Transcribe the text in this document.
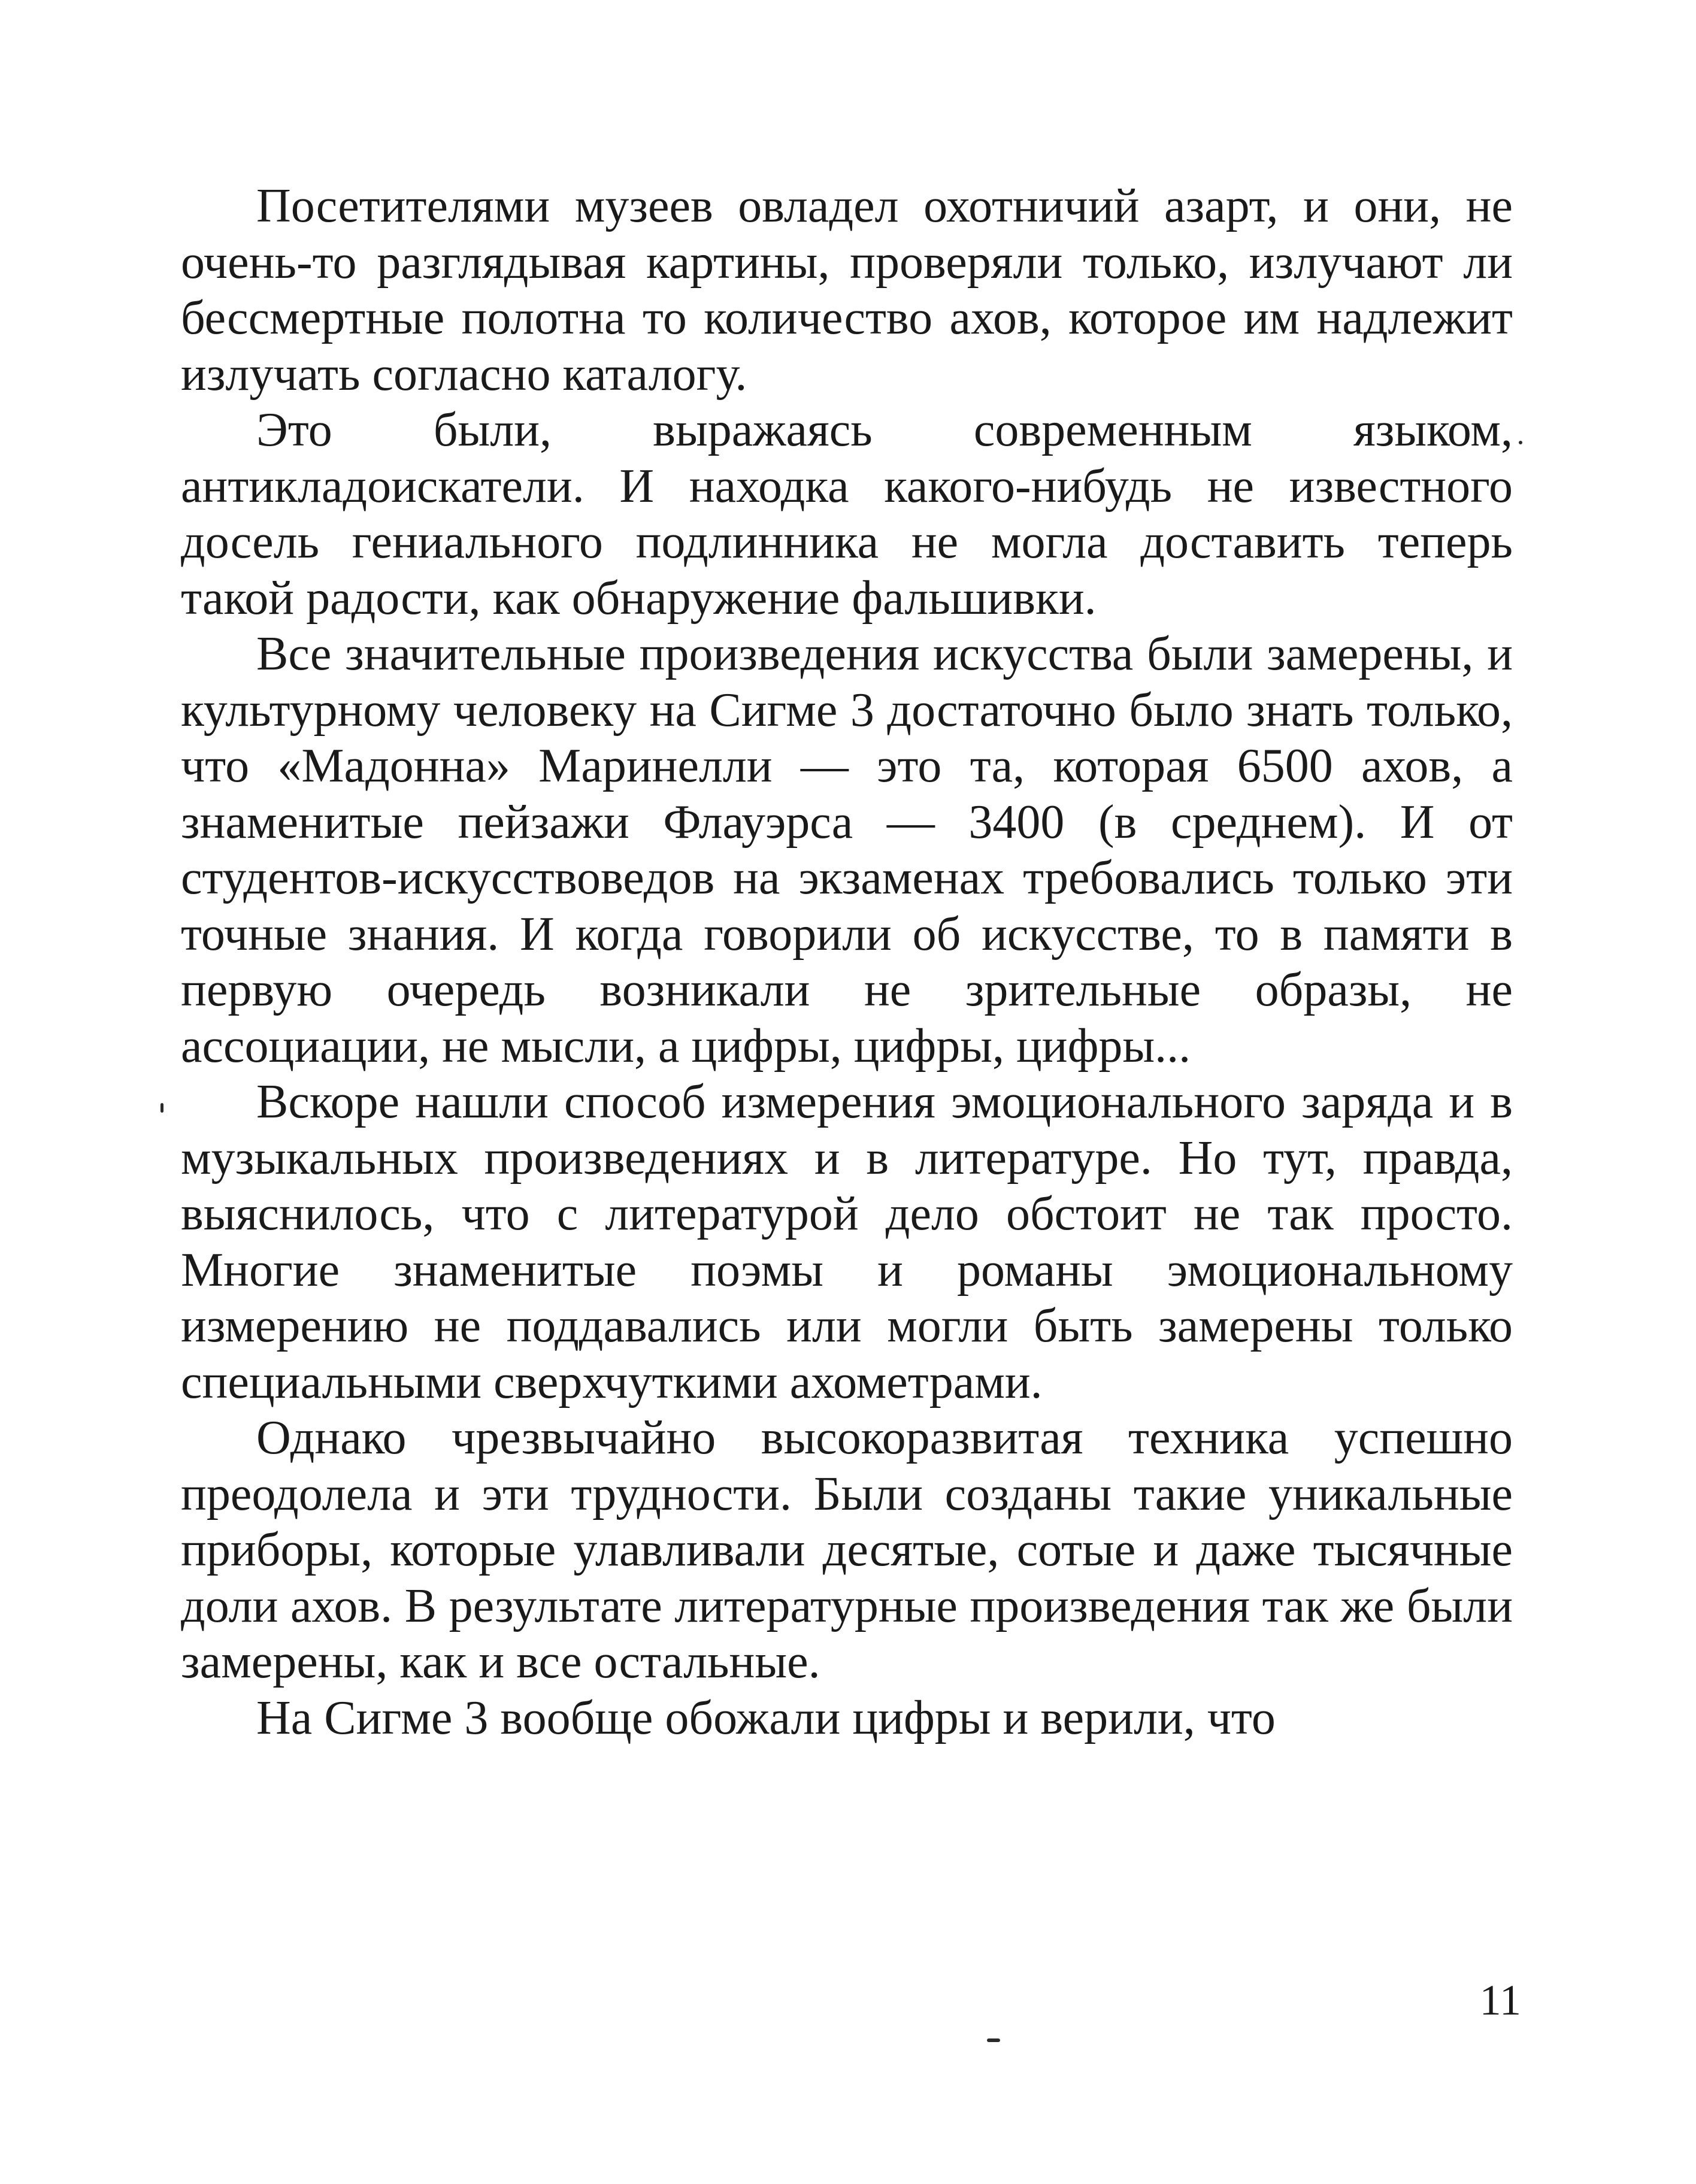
Посетителями музеев овладел охотничий азарт, и они, не очень-то разглядывая картины, проверяли только, излучают ли бессмертные полотна то количество ахов, которое им надлежит излучать согласно каталогу.

Это были, выражаясь современным языком, антикладоискатели. И находка какого-нибудь не известного досель гениального подлинника не могла доставить теперь такой радости, как обнаружение фальшивки.

Все значительные произведения искусства были замерены, и культурному человеку на Сигме 3 достаточно было знать только, что «Мадонна» Маринелли — это та, которая 6500 ахов, а знаменитые пейзажи Флауэрса — 3400 (в среднем). И от студентов-искусствоведов на экзаменах требовались только эти точные знания. И когда говорили об искусстве, то в памяти в первую очередь возникали не зрительные образы, не ассоциации, не мысли, а цифры, цифры, цифры...

Вскоре нашли способ измерения эмоционального заряда и в музыкальных произведениях и в литературе. Но тут, правда, выяснилось, что с литературой дело обстоит не так просто. Многие знаменитые поэмы и романы эмоциональному измерению не поддавались или могли быть замерены только специальными сверхчуткими ахометрами.

Однако чрезвычайно высокоразвитая техника успешно преодолела и эти трудности. Были созданы такие уникальные приборы, которые улавливали десятые, сотые и даже тысячные доли ахов. В результате литературные произведения так же были замерены, как и все остальные.

На Сигме 3 вообще обожали цифры и верили, что

11
